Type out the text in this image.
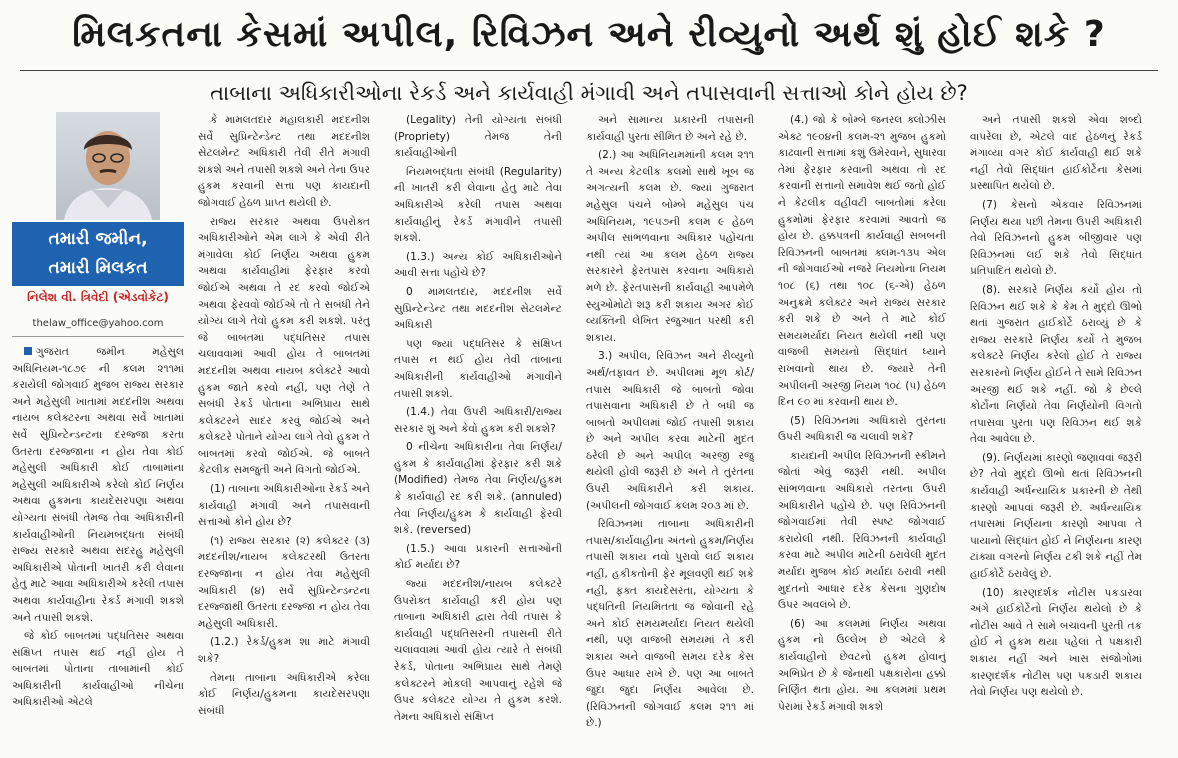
મિલકતના કેસમાં અપીલ, રિવિઝન અને રીવ્યુનો અર્થ શું હોઈ શકે ?
તાબાના અધિકારીઓના રેકર્ડ અને કાર્યવાહી મંગાવી અને તપાસવાની સત્તાઓ કોને હોય છે?
તમારી જમીન,
તમારી મિલકત
નિલેશ વી. ત્રિવેદી (એડવોકેટ)
thelaw_office@yahoo.com

ગુજરાત જમીન મહેસુલ અધિનિયમ-૧૮૭૯ ની કલમ ૨૧૧માં કરાયેલી જોગવાઈ મુજબ રાજ્ય સરકાર અને મહેસુલી ખાતામાં મદદનીશ અથવા નાયબ કલેક્ટરના અથવા સર્વે ખાતામાં સર્વે સુપ્રિન્ટેન્ડન્ટના દરજ્જા કરતા ઉતરતા દરજ્જાના ન હોય તેવા કોઈ મહેસુલી અધિકારી કોઈ તાબામાંના મહેસુલી અધિકારીએ કરેલો કોઈ નિર્ણય અથવા હુકમના કાયદેસરપણા અથવા યોગ્યતા સંબંધી તેમજ તેવા અધિકારીની કાર્યવાહીઓની નિયમબદ્ધતા સંબંધી રાજ્ય સરકારે અથવા સદરહુ મહેસુલી અધિકારીએ પોતાની ખાતરી કરી લેવાના હેતુ માટે આવા અધિકારીએ કરેલી તપાસ અથવા કાર્યવાહીના રેકર્ડ મંગાવી શકશે અને તપાસી શકશે.

જે કોઈ બાબતમાં પદ્ધતિસર અથવા સંક્ષિપ્ત તપાસ થઈ નહીં હોય તે બાબતમાં પોતાના તાબામાંની કોઈ અધિકારીની કાર્યવાહીઓ નીચેના અધિકારીઓ એટલે

કે મામલતદાર મહાલકારી મદદનીશ સર્વે સુપ્રિન્ટેન્ડેન્ટ તથા મદદનીશ સેટલમેન્ટ અધિકારી તેવી રીતે મંગાવી શકશે અને તપાસી શકશે અને તેના ઉપર હુકમ કરવાની સત્તા પણ કાયદાની જોગવાઈ હેઠળ પ્રાપ્ત થયેલી છે.

રાજ્ય સરકાર અથવા ઉપરોક્ત અધિકારીઓને એમ લાગે કે એવી રીતે મંગાવેલા કોઈ નિર્ણય અથવા હુકમ અથવા કાર્યવાહીમાં ફેરફાર કરવો જોઈએ અથવા તે રદ કરવો જોઈએ અથવા ફેરવવો જોઈએ તો તે સબંધી તેને યોગ્ય લાગે તેવો હુકમ કરી શકશે. પરંતુ જે બાબતમાં પદ્ધતિસર તપાસ ચલાવવામાં આવી હોય તે બાબતમાં મદદનીશ અથવા નાયબ કલેક્ટરે આવો હુકમ જાતે કરવો નહીં, પણ તેણે તે સબંધી રેકર્ડ પોતાના અભિપ્રાય સાથે કલેક્ટરને સાદર કરવું જોઈએ અને કલેક્ટરે પોતાને યોગ્ય લાગે તેવો હુકમ તે બાબતમાં કરવો જોઈએ. જે બાબતે કેટલીક સમજુતી અને વિગતો જોઈએ.

(1) તાબાના અધિકારીઓના રેકર્ડ અને કાર્યવાહી મંગાવી અને તપાસવાની સત્તાઓ કોને હોય છે?

(૧) રાજ્ય સરકાર (૨) કલેક્ટર (૩) મદદનીશ/નાયબ કલેક્ટરથી ઉતરતા દરજ્જાના ન હોય તેવા મહેસુલી અધિકારી (૪) સર્વે સુપ્રિન્ટેન્ડન્ટના દરજ્જાથી ઉતરતા દરજ્જા ન હોય તેવા મહેસુલી અધિકારી.

(1.2.) રેકર્ડ/હુકમ શા માટે મંગાવી શકે?

તેમના તાબાના અધિકારીએ કરેલા કોઈ નિર્ણય/હુકમના કાયદેસરપણા સંબંધી

(Legality) તેની યોગ્યતા સંબંધી (Propriety) તેમજ તેની કાર્યવાહીઓની

નિયમબદ્ધતા સંબંધી (Regularity) ની ખાતરી કરી લેવાના હેતુ માટે તેવા અધિકારીએ કરેલી તપાસ અથવા કાર્યવાહીનું રેકર્ડ મંગાવીને તપાસી શકશે.

(1.3.) અન્ય કોઈ અધિકારીઓને આવી સત્તા પહોંચે છે?

0 મામલતદાર, મદદનીશ સર્વે સુપ્રિન્ટેન્ડેન્ટ તથા મદદનીશ સેટલમેન્ટ અધિકારી

પણ જ્યાં પદ્ધતિસર કે સંક્ષિપ્ત તપાસ ન થઈ હોય તેવી તાબાના અધિકારીની કાર્યવાહીઓ મંગાવીને તપાસી શકશે.

(1.4.) તેવા ઉપરી અધિકારી/રાજ્ય સરકાર શું અને કેવો હુકમ કરી શકશે?

0 નીચેના અધિકારીના તેવા નિર્ણય/હુકમ કે કાર્યવાહીમાં ફેરફાર કરી શકે (Modified) તેમજ તેવા નિર્ણય/હુકમ કે કાર્યવાહી રદ કરી શકે. (annuled) તેવા નિર્ણય/હુકમ કે કાર્યવાહી ફેરવી શકે. (reversed)

(1.5.) આવા પ્રકારની સત્તાઓની કોઈ મર્યાદા છે?

જ્યાં મદદનીશ/નાયબ કલેક્ટરે ઉપરોક્ત કાર્યવાહી કરી હોય પણ તાબાના અધિકારી દ્વારા તેવી તપાસ કે કાર્યવાહી પદ્ધતિસરની તપાસની રીતે ચલાવવામાં આવી હોય ત્યારે તે સંબંધી રેકર્ડ, પોતાના અભિપ્રાય સાથે તેમણે કલેક્ટરને મોકલી આપવાનું રહેશે જે ઉપર કલેક્ટર યોગ્ય તે હુકમ કરશે. તેમના અધિકારો સંક્ષિપ્ત

અને સામાન્ય પ્રકારની તપાસની કાર્યવાહી પુરતા સીમિત છે અને રહે છે.

(2.) આ અધિનિયમમાંની કલમ ૨૧૧ તે અન્ય કેટલીક કલમો સાથે ખૂબ જ અગત્યની કલમ છે. જ્યાં ગુજરાત મહેસુલ પંચને બોમ્બે મહેસુલ પંચ અધિનિયમ, ૧૯૫૭ની કલમ ૯ હેઠળ અપીલ સાંભળવાના અધિકાર પહોંચતા નથી ત્યાં આ કલમ હેઠળ રાજ્ય સરકારને ફેરતપાસ કરવાના અધિકારો મળે છે. ફેરતપાસની કાર્યવાહી આપમેળે સ્યુઓમોટો શરૂ કરી શકાય અગર કોઈ વ્યક્તિની લેખિત રજુઆત પરથી કરી શકાય.

3.) અપીલ, રિવિઝન અને રીવ્યુનો અર્થ/તફાવત છે. અપીલમાં મૂળ કોર્ટ/તપાસ અધિકારી જે બાબતો જોવા તપાસવાના અધિકારી છે તે બધી જ બાબતો અપીલમાં જોઈ તપાસી શકાય છે અને અપીલ કરવા માટેની મુદત ઠરેલી છે અને અપીલ અરજી રજુ થયેલી હોવી જરૂરી છે અને તે તુરંતના ઉપરી અધિકારીને કરી શકાય. (અપીલની જોગવાઈ કલમ ૨૦૩ માં છે.

રિવિઝનમાં તાબાના અધિકારીની તપાસ/કાર્યવાહીના અંતનો હુકમ/નિર્ણય તપાસી શકાય નવો પુરાવો લઈ શકાય નહીં, હકીકતોની ફેર મૂલવણી થઈ શકે નહીં, ફક્ત કાયદેસરતા, યોગ્યતા કે પદ્ધતિની નિયમિતતા જ જોવાની રહે અને કોઈ સમયમર્યાદા નિયત થયેલી નથી, પણ વાજબી સમયમાં તે કરી શકાય અને વાજબી સમય દરેક કેસ ઉપર આધાર રાખે છે. પણ આ બાબતે જુદા જુદા નિર્ણય આવેલા છે. (રિવિઝનની જોગવાઈ કલમ ૨૧૧ માં છે.)

(4.) જો કે બોમ્બે જનરલ ક્લોઝીસ એક્ટ ૧૯૦૪ની કલમ-૨૧ મુજબ હુકમો કાઢવાની સત્તામાં કશું ઉમેરવાને, સુધારવા તેમાં ફેરફાર કરવાની અથવા તો રદ કરવાની સત્તાનો સમાવેશ થઈ જતો હોઈ ને કેટલીક વહીવટી બાબતોમાં કરેલા હુકમોમાં ફેરફાર કરવામાં આવતો જ હોય છે. હક્કપત્રની કાર્યવાહી સબબની રિવિઝનની બાબતમાં ક્લમ-૧૩૫ એલ ની જોગવાઈઓ નજરે નિયમોના નિયમ ૧૦૮ (૬) તથા ૧૦૮ (૬-એ) હેઠળ અનુક્રમે કલેક્ટર અને રાજ્ય સરકાર કરી શકે છે અને તે માટે કોઈ સમયમર્યાદા નિયત થયેલી નથી પણ વાજબી સમયનો સિદ્ધાંત ધ્યાને રાખવાનો થાય છે. જ્યારે તેની અપીલની અરજી નિયમ ૧૦૮ (૫) હેઠળ દિન ૯૦ માં કરવાની થાય છે.

(5) રિવિઝનમાં અધિકારો તુરંતના ઉપરી અધિકારી જ ચલાવી શકે?

કાયદાની અપીલ રિવિઝનની સ્કીમને જોતાં એવું જરૂરી નથી. અપીલ સાંભળવાના અધિકારો તરતના ઉપરી અધિકારીને પહોંચે છે. પણ રિવિઝનની જોગવાઈમાં તેવી સ્પષ્ટ જોગવાઈ કરાયેલી નથી. રિવિઝનની કાર્યવાહી કરવા માટે અપીલ માટેની ઠરાવેલી મુદત મર્યાદા મુજબ કોઈ મર્યાદા ઠરાવી નથી મુદતનો આધાર દરેક કેસના ગુણદોષ ઉપર અવલંબે છે.

(6) આ કલમમાં નિર્ણય અથવા હુકમ નો ઉલ્લેખ છે એટલે કે કાર્યવાહીનો છેવટનો હુકમ હોવાનું અભિપ્રેત છે કે જેનાથી પક્ષકારોના હક્કો નિર્ણિત થતા હોય. આ કલમમાં પ્રથમ પેરામાં રેકર્ડ મંગાવી શકશે

અને તપાસી શકશે એવા શબ્દો વાપરેલા છે, એટલે વાદ હેઠળનું રેકર્ડ મંગાવ્યા વગર કોઈ કાર્યવાહી થઈ શકે નહીં તેવો સિદ્ધાંત હાઈકોર્ટેના કેસમાં પ્રસ્થાપિત થયેલો છે.

(7) કેસનો એકવાર રિવિઝનમાં નિર્ણય થયા પછી તેમના ઉપરી અધિકારી તેવો રિવિઝનનો હુકમ બીજીવાર પણ રિવિઝનમાં લઈ શકે તેવો સિદ્ધાંત પ્રતિપાદિત થયેલો છે.

(8). સરકારે નિર્ણય કર્યો હોય તો રિવિઝન થઈ શકે કે કેમ તે મુદ્દો ઊભો થતાં ગુજરાત હાઈકોર્ટે ઠરાવ્યું છે કે રાજ્ય સરકારે નિર્ણય કર્યો તે મુજબ કલેક્ટરે નિર્ણય કરેલો હોઈ તે રાજ્ય સરકારનો નિર્ણય હોઈને તે સામે રિવિઝન અરજી થઈ શકે નહીં. જો કે છેલ્લે કોર્ટોના નિર્ણયો તેવા નિર્ણયોની વિગતો તપાસવા પુરતા પણ રિવિઝન થઈ શકે તેવા આવેલા છે.

(9). નિર્ણયમાં કારણો જણાવવાં જરૂરી છે? તેવો મુદ્દો ઊભો થતાં રિવિઝનની કાર્યવાહી અર્ધન્યાયિક પ્રકારની છે તેથી કારણો આપવાં જરૂરી છે. અર્ધન્યાયિક તપાસમાં નિર્ણયના કારણો આપવા તે પાયાનો સિદ્ધાંત હોઈ ને નિર્ણયના કારણ ટાંક્યા વગરનો નિર્ણય ટકી શકે નહીં તેમ હાઈકોર્ટે ઠરાવેલું છે.

(10) કારણદર્શક નોટીસ પકડારવા અંગે હાઈકોર્ટેનો નિર્ણય થયેલો છે કે નોટીસ આવે તે સામે બચાવની પુરતી તક હોઈ ને હુકમ થયા પહેલાં તે પક્ષકારી શકાય નહીં અને ખાસ સંજોગોમાં કારણદર્શક નોટીસ પણ પકડારી શકાય તેવો નિર્ણય પણ થયેલો છે.
